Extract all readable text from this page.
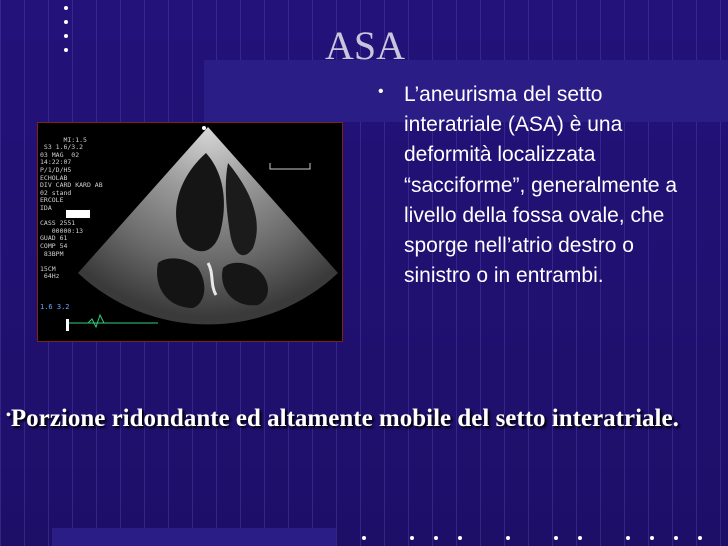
ASA

MI:1.5
S3 1.6/3.2
03 MAG  02
14:22:07
P/1/D/H5
ECHOLAB
DIV CARD KARD AB
02 stand
ERCOLE
IDA

CASS 2551
00000:13
GUAD 61
COMP 54
83BPM

15CM
64Hz

1.6 3.2
• L’aneurisma del setto interatriale (ASA) è una deformità localizzata “sacciforme”, generalmente a livello della fossa ovale, che sporge nell’atrio destro o sinistro o in entrambi.
•Porzione ridondante ed altamente mobile del setto interatriale.
